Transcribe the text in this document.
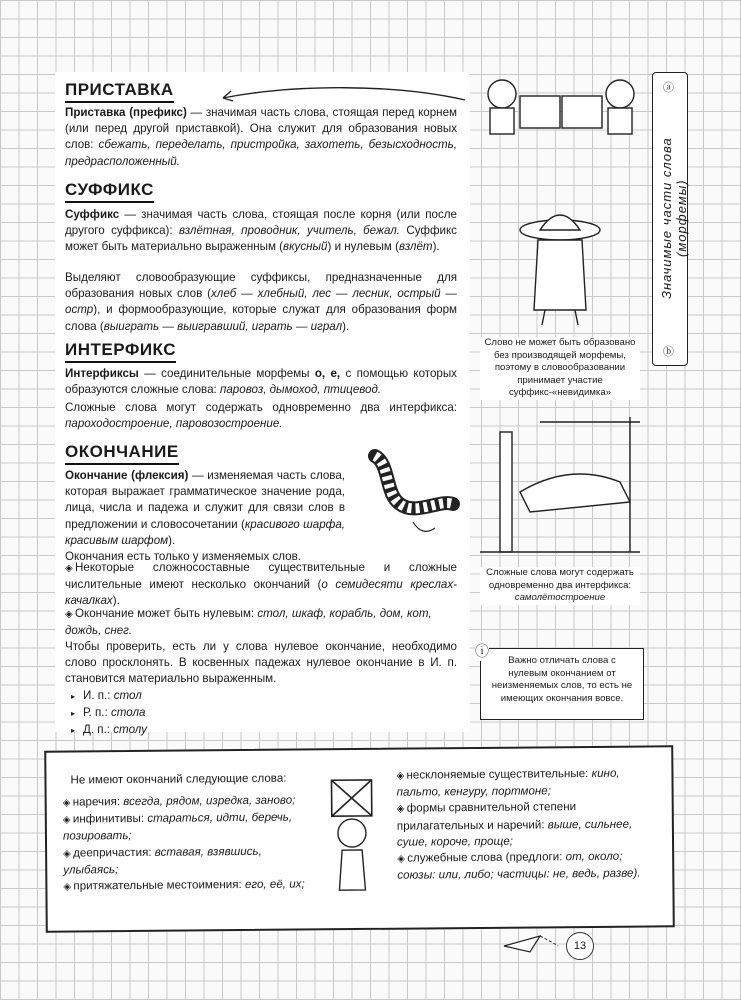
ПРИСТАВКА
Приставка (префикс) — значимая часть слова, стоящая перед корнем (или перед другой приставкой). Она служит для образования новых слов: сбежать, переделать, пристройка, захотеть, безысходность, предрасположенный.
СУФФИКС
Суффикс — значимая часть слова, стоящая после корня (или после другого суффикса): взлётная, проводник, учитель, бежал. Суффикс может быть материально выраженным (вкусный) и нулевым (взлёт).
Выделяют словообразующие суффиксы, предназначенные для образования новых слов (хлеб — хлебный, лес — лесник, острый — остр), и формообразующие, которые служат для образования форм слова (выиграть — выигравший, играть — играл).
ИНТЕРФИКС
Интерфиксы — соединительные морфемы о, е, с помощью которых образуются сложные слова: паровоз, дымоход, птицевод.
Сложные слова могут содержать одновременно два интерфикса: пароходостроение, паровозостроение.
ОКОНЧАНИЕ
Окончание (флексия) — изменяемая часть слова, которая выражает грамматическое значение рода, лица, числа и падежа и служит для связи слов в предложении и словосочетании (красивого шарфа, красивым шарфом).
Окончания есть только у изменяемых слов.
◈ Некоторые сложносоставные существительные и сложные числительные имеют несколько окончаний (о семидесяти креслах-качалках).
◈ Окончание может быть нулевым: стол, шкаф, корабль, дом, кот, дождь, снег.
Чтобы проверить, есть ли у слова нулевое окончание, необходимо слово просклонять. В косвенных падежах нулевое окончание в И. п. становится материально выраженным.
▸ И. п.: стол
▸ Р. п.: стола
▸ Д. п.: столу
Слово не может быть образовано без производящей морфемы, поэтому в словообразовании принимает участие суффикс-«невидимка»
Сложные слова могут содержать одновременно два интерфикса:
самолётостроение
ⓐ
Значимые части слова (морфемы)
ⓑ
ⓘ
Важно отличать слова с нулевым окончанием от неизменяемых слов, то есть не имеющих окончания вовсе.
Не имеют окончаний следующие слова:
◈ наречия: всегда, рядом, изредка, заново;
◈ инфинитивы: стараться, идти, беречь, позировать;
◈ деепричастия: вставая, взявшись, улыбаясь;
◈ притяжательные местоимения: его, её, их;
◈ несклоняемые существительные: кино, пальто, кенгуру, портмоне;
◈ формы сравнительной степени прилагательных и наречий: выше, сильнее, суше, короче, проще;
◈ служебные слова (предлоги: от, около; союзы: или, либо; частицы: не, ведь, разве).
13
